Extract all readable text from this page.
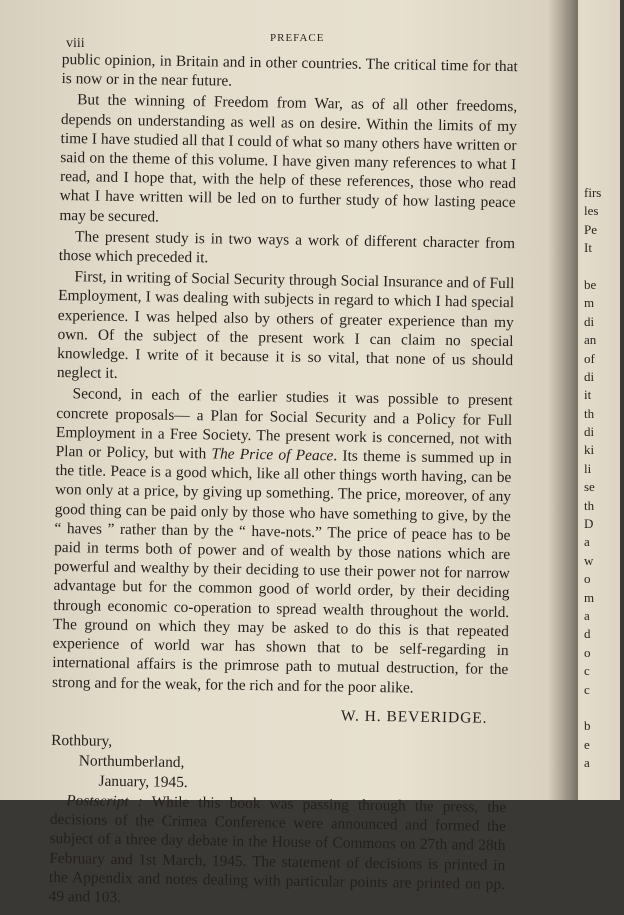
firs
les
Pe
It
be
m
di
an
of
di
it
th
di
ki
li
se
th
D
a
w
o
m
a
d
o
c
c
b
e
a
viii	PREFACE

public opinion, in Britain and in other countries. The critical time for that is now or in the near future.

But the winning of Freedom from War, as of all other freedoms, depends on understanding as well as on desire. Within the limits of my time I have studied all that I could of what so many others have written or said on the theme of this volume. I have given many references to what I read, and I hope that, with the help of these references, those who read what I have written will be led on to further study of how lasting peace may be secured.

The present study is in two ways a work of different character from those which preceded it.

First, in writing of Social Security through Social Insurance and of Full Employment, I was dealing with subjects in regard to which I had special experience. I was helped also by others of greater experience than my own. Of the subject of the present work I can claim no special knowledge. I write of it because it is so vital, that none of us should neglect it.

Second, in each of the earlier studies it was possible to present concrete proposals— a Plan for Social Security and a Policy for Full Employment in a Free Society. The present work is concerned, not with Plan or Policy, but with The Price of Peace. Its theme is summed up in the title. Peace is a good which, like all other things worth having, can be won only at a price, by giving up something. The price, moreover, of any good thing can be paid only by those who have something to give, by the “ haves ” rather than by the “ have-nots.” The price of peace has to be paid in terms both of power and of wealth by those nations which are powerful and wealthy by their deciding to use their power not for narrow advantage but for the common good of world order, by their deciding through economic co-operation to spread wealth throughout the world. The ground on which they may be asked to do this is that repeated experience of world war has shown that to be self-regarding in international affairs is the primrose path to mutual destruction, for the strong and for the weak, for the rich and for the poor alike.

W. H. BEVERIDGE.
Rothbury,
Northumberland,
January, 1945.

Postscript : While this book was passing through the press, the decisions of the Crimea Conference were announced and formed the subject of a three day debate in the House of Commons on 27th and 28th February and 1st March, 1945. The statement of decisions is printed in the Appendix and notes dealing with particular points are printed on pp. 49 and 103.
